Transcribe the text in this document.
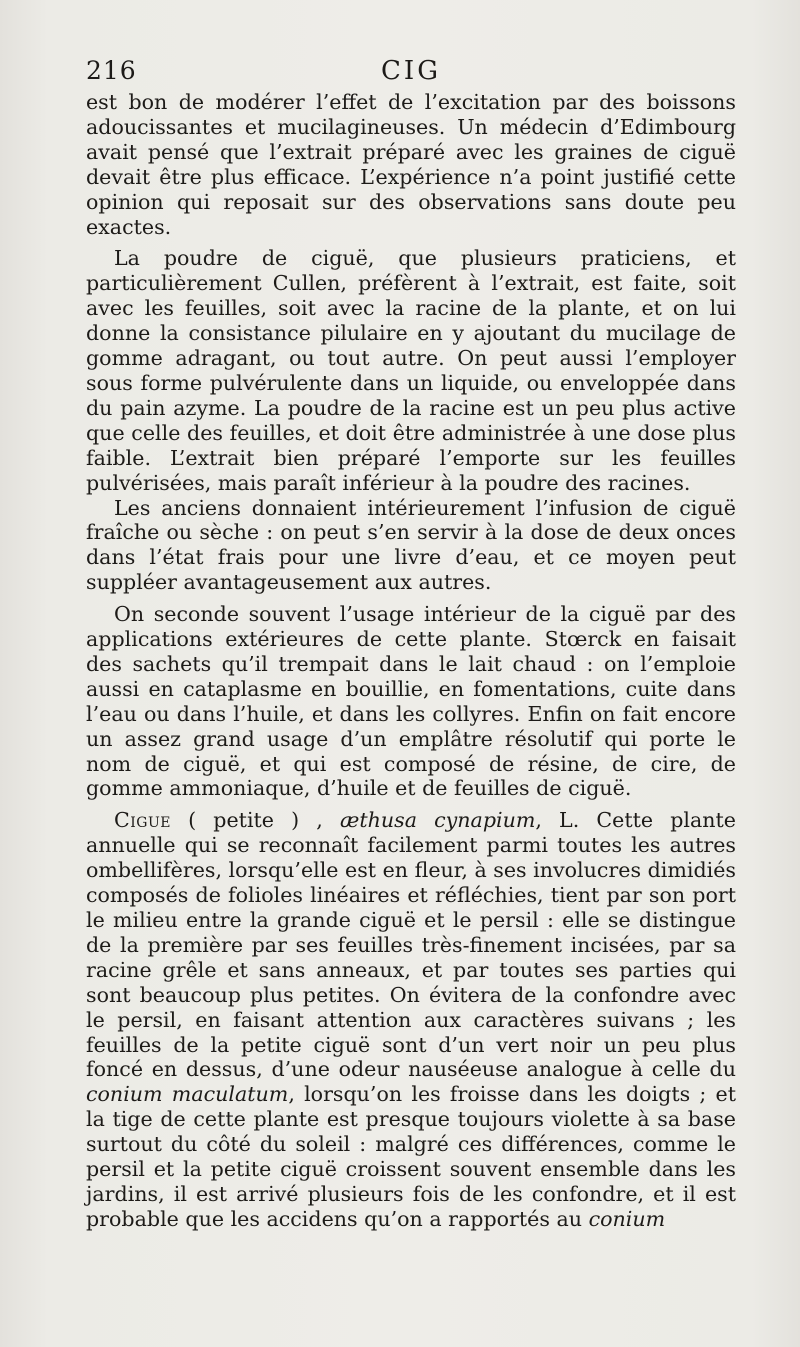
216	CIG

est bon de modérer l’effet de l’excitation par des boissons adoucissantes et mucilagineuses. Un médecin d’Edimbourg avait pensé que l’extrait préparé avec les graines de ciguë devait être plus efficace. L’expérience n’a point justifié cette opinion qui reposait sur des observations sans doute peu exactes.

La poudre de ciguë, que plusieurs praticiens, et particulièrement Cullen, préfèrent à l’extrait, est faite, soit avec les feuilles, soit avec la racine de la plante, et on lui donne la consistance pilulaire en y ajoutant du mucilage de gomme adragant, ou tout autre. On peut aussi l’employer sous forme pulvérulente dans un liquide, ou enveloppée dans du pain azyme. La poudre de la racine est un peu plus active que celle des feuilles, et doit être administrée à une dose plus faible. L’extrait bien préparé l’emporte sur les feuilles pulvérisées, mais paraît inférieur à la poudre des racines.

Les anciens donnaient intérieurement l’infusion de ciguë fraîche ou sèche : on peut s’en servir à la dose de deux onces dans l’état frais pour une livre d’eau, et ce moyen peut suppléer avantageusement aux autres.

On seconde souvent l’usage intérieur de la ciguë par des applications extérieures de cette plante. Stœrck en faisait des sachets qu’il trempait dans le lait chaud : on l’emploie aussi en cataplasme en bouillie, en fomentations, cuite dans l’eau ou dans l’huile, et dans les collyres. Enfin on fait encore un assez grand usage d’un emplâtre résolutif qui porte le nom de ciguë, et qui est composé de résine, de cire, de gomme ammoniaque, d’huile et de feuilles de ciguë.

Cigue ( petite ) , æthusa cynapium, L. Cette plante annuelle qui se reconnaît facilement parmi toutes les autres ombellifères, lorsqu’elle est en fleur, à ses involucres dimidiés composés de folioles linéaires et réfléchies, tient par son port le milieu entre la grande ciguë et le persil : elle se distingue de la première par ses feuilles très-finement incisées, par sa racine grêle et sans anneaux, et par toutes ses parties qui sont beaucoup plus petites. On évitera de la confondre avec le persil, en faisant attention aux caractères suivans ; les feuilles de la petite ciguë sont d’un vert noir un peu plus foncé en dessus, d’une odeur nauséeuse analogue à celle du conium maculatum, lorsqu’on les froisse dans les doigts ; et la tige de cette plante est presque toujours violette à sa base surtout du côté du soleil : malgré ces différences, comme le persil et la petite ciguë croissent souvent ensemble dans les jardins, il est arrivé plusieurs fois de les confondre, et il est probable que les accidens qu’on a rapportés au conium
